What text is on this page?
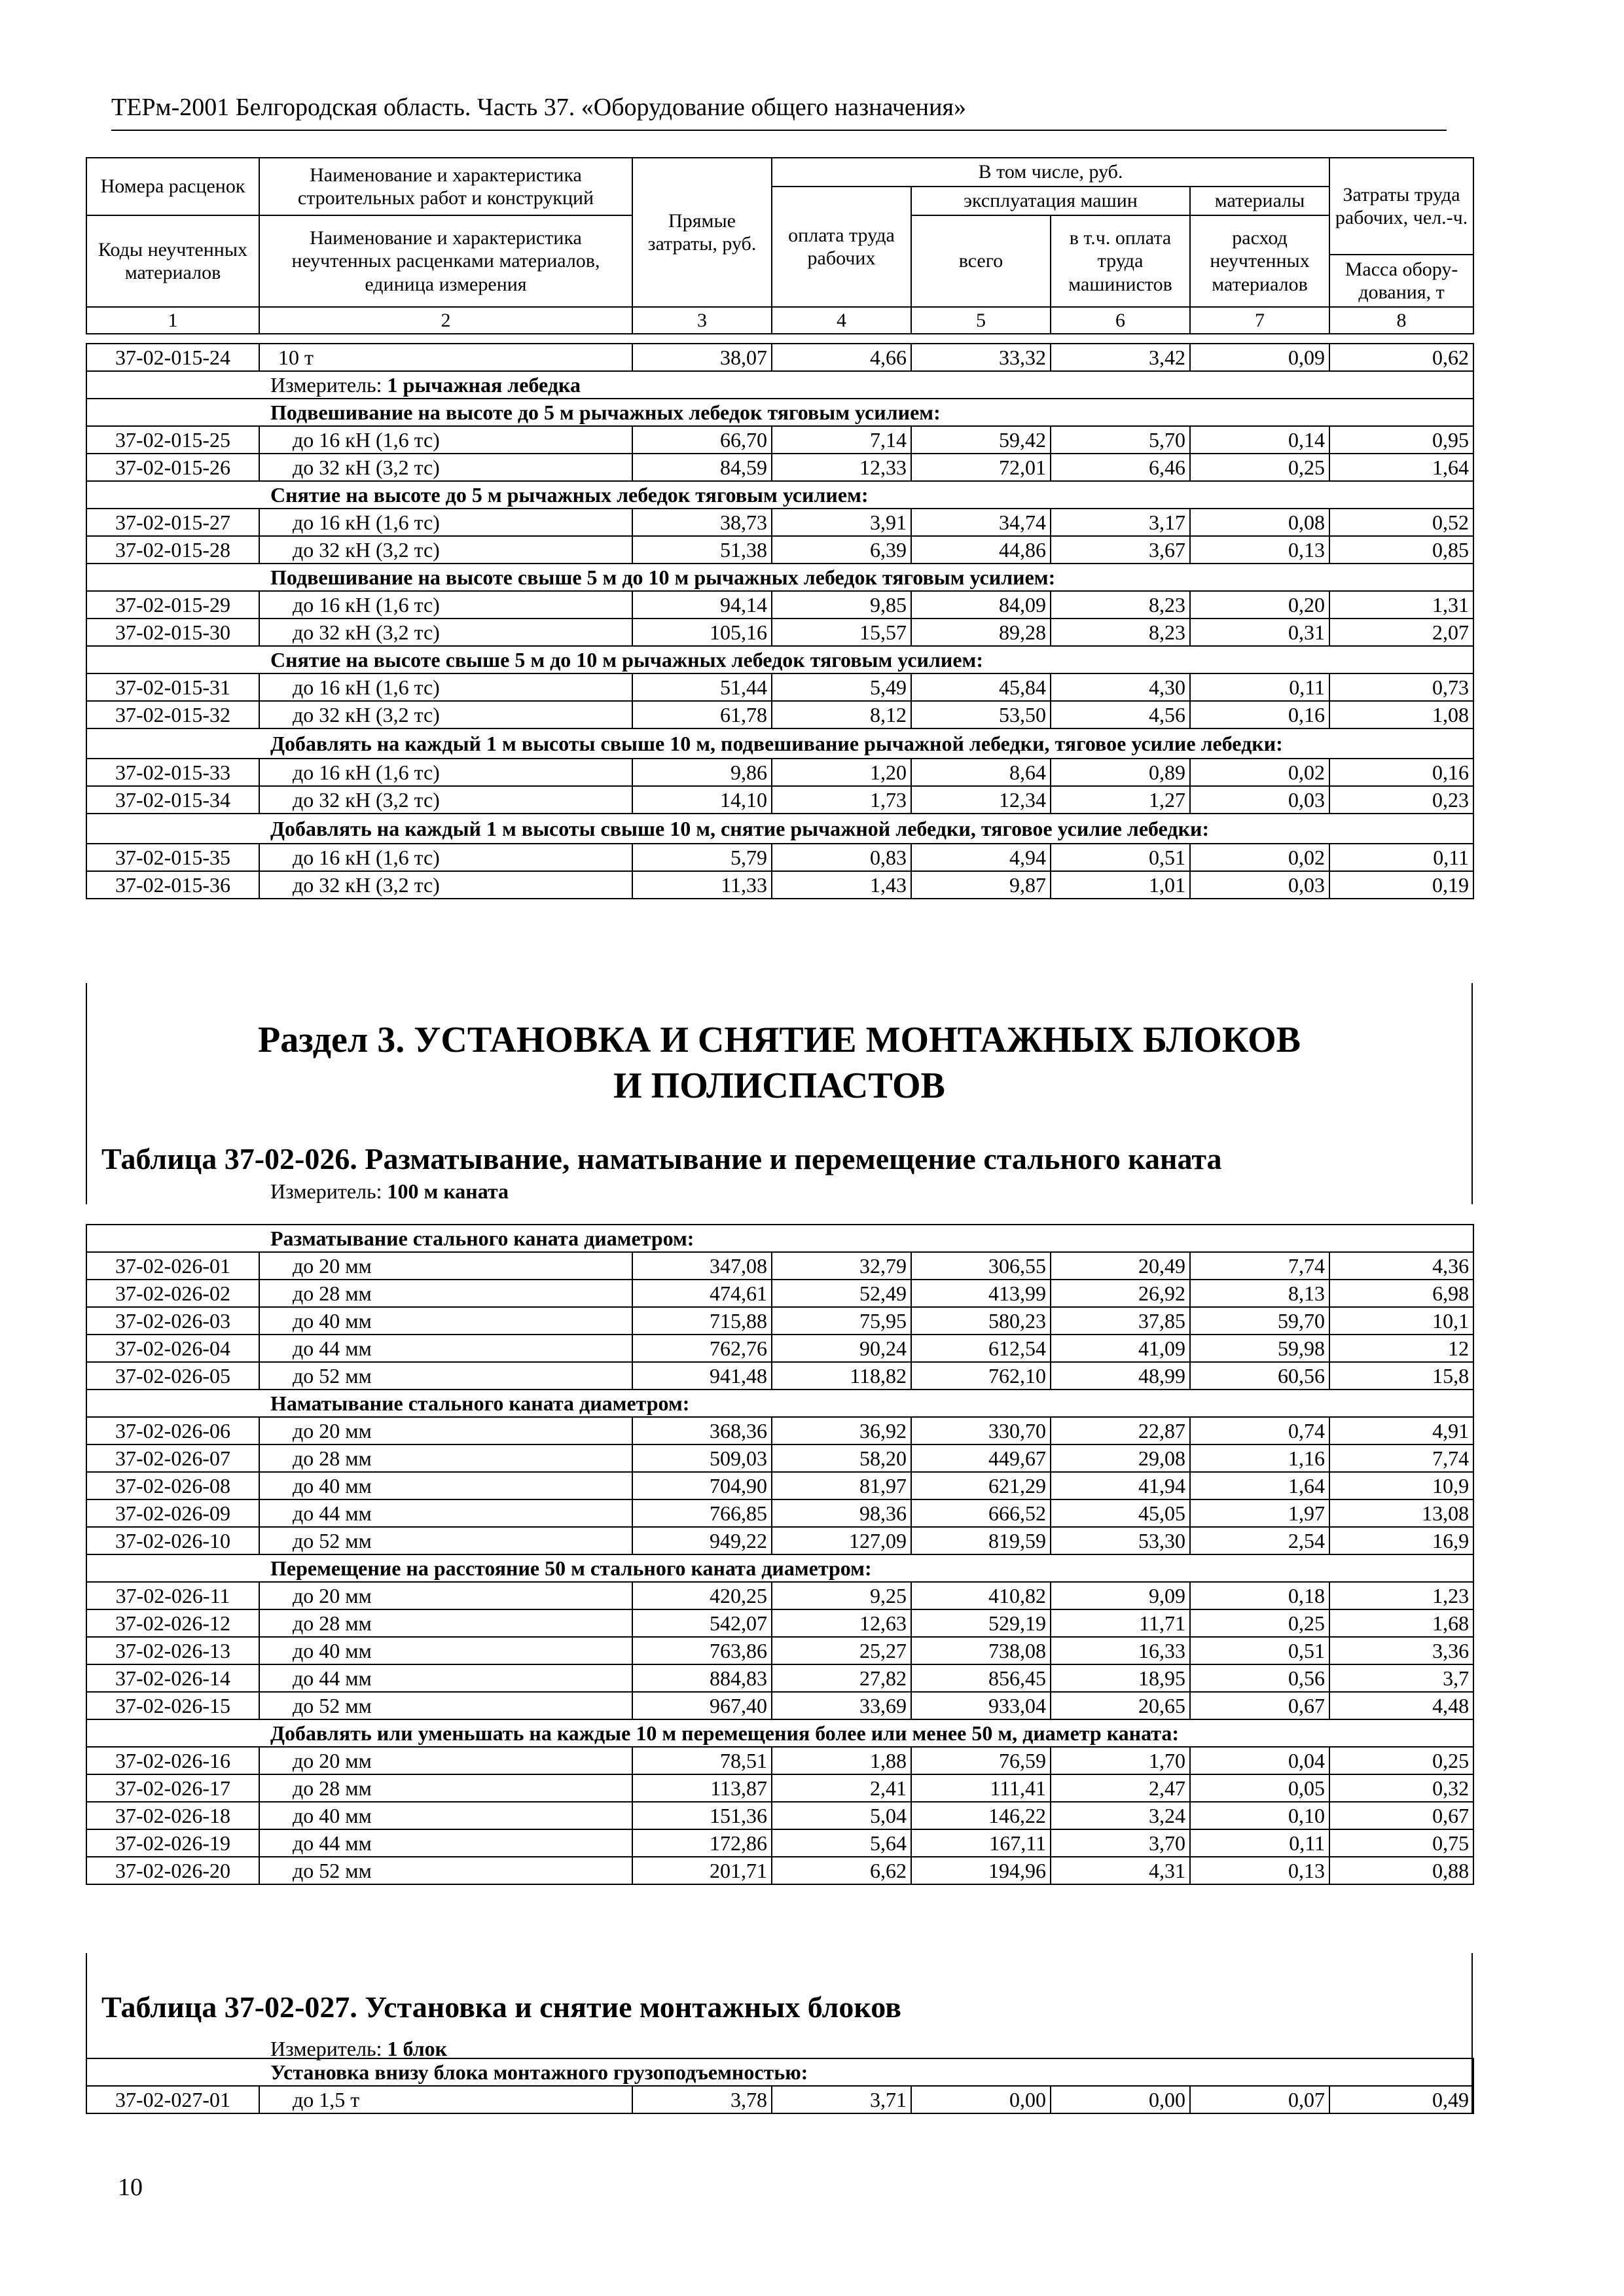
ТЕРм-2001 Белгородская область. Часть 37. «Оборудование общего назначения»
Номера расценок	Наименование и характеристика строительных работ и конструкций	Прямые затраты, руб.	В том числе, руб.				Затраты труда рабочих, чел.-ч.
			оплата труда рабочих	эксплуатация машин		материалы	
Коды неучтенных материалов	Наименование и характеристика неучтенных расценками материалов, единица измерения			всего	в т.ч. оплата труда машинистов	расход неучтенных материалов	
							Масса обору-дования, т
1	2	3	4	5	6	7	8
37-02-015-24	10 т	38,07	4,66	33,32	3,42	0,09	0,62
Измеритель: 1 рычажная лебедка							
Подвешивание на высоте до 5 м рычажных лебедок тяговым усилием:							
37-02-015-25	до 16 кН (1,6 тс)	66,70	7,14	59,42	5,70	0,14	0,95
37-02-015-26	до 32 кН (3,2 тс)	84,59	12,33	72,01	6,46	0,25	1,64
Снятие на высоте до 5 м рычажных лебедок тяговым усилием:							
37-02-015-27	до 16 кН (1,6 тс)	38,73	3,91	34,74	3,17	0,08	0,52
37-02-015-28	до 32 кН (3,2 тс)	51,38	6,39	44,86	3,67	0,13	0,85
Подвешивание на высоте свыше 5 м до 10 м рычажных лебедок тяговым усилием:							
37-02-015-29	до 16 кН (1,6 тс)	94,14	9,85	84,09	8,23	0,20	1,31
37-02-015-30	до 32 кН (3,2 тс)	105,16	15,57	89,28	8,23	0,31	2,07
Снятие на высоте свыше 5 м до 10 м рычажных лебедок тяговым усилием:							
37-02-015-31	до 16 кН (1,6 тс)	51,44	5,49	45,84	4,30	0,11	0,73
37-02-015-32	до 32 кН (3,2 тс)	61,78	8,12	53,50	4,56	0,16	1,08
Добавлять на каждый 1 м высоты свыше 10 м, подвешивание рычажной лебедки, тяговое усилие лебедки:							
37-02-015-33	до 16 кН (1,6 тс)	9,86	1,20	8,64	0,89	0,02	0,16
37-02-015-34	до 32 кН (3,2 тс)	14,10	1,73	12,34	1,27	0,03	0,23
Добавлять на каждый 1 м высоты свыше 10 м, снятие рычажной лебедки, тяговое усилие лебедки:							
37-02-015-35	до 16 кН (1,6 тс)	5,79	0,83	4,94	0,51	0,02	0,11
37-02-015-36	до 32 кН (3,2 тс)	11,33	1,43	9,87	1,01	0,03	0,19
Раздел 3. УСТАНОВКА И СНЯТИЕ МОНТАЖНЫХ БЛОКОВ И ПОЛИСПАСТОВ
Таблица 37-02-026. Разматывание, наматывание и перемещение стального каната
Измеритель: 100 м каната
Разматывание стального каната диаметром:							
37-02-026-01	до 20 мм	347,08	32,79	306,55	20,49	7,74	4,36
37-02-026-02	до 28 мм	474,61	52,49	413,99	26,92	8,13	6,98
37-02-026-03	до 40 мм	715,88	75,95	580,23	37,85	59,70	10,1
37-02-026-04	до 44 мм	762,76	90,24	612,54	41,09	59,98	12
37-02-026-05	до 52 мм	941,48	118,82	762,10	48,99	60,56	15,8
Наматывание стального каната диаметром:							
37-02-026-06	до 20 мм	368,36	36,92	330,70	22,87	0,74	4,91
37-02-026-07	до 28 мм	509,03	58,20	449,67	29,08	1,16	7,74
37-02-026-08	до 40 мм	704,90	81,97	621,29	41,94	1,64	10,9
37-02-026-09	до 44 мм	766,85	98,36	666,52	45,05	1,97	13,08
37-02-026-10	до 52 мм	949,22	127,09	819,59	53,30	2,54	16,9
Перемещение на расстояние 50 м стального каната диаметром:							
37-02-026-11	до 20 мм	420,25	9,25	410,82	9,09	0,18	1,23
37-02-026-12	до 28 мм	542,07	12,63	529,19	11,71	0,25	1,68
37-02-026-13	до 40 мм	763,86	25,27	738,08	16,33	0,51	3,36
37-02-026-14	до 44 мм	884,83	27,82	856,45	18,95	0,56	3,7
37-02-026-15	до 52 мм	967,40	33,69	933,04	20,65	0,67	4,48
Добавлять или уменьшать на каждые 10 м перемещения более или менее 50 м, диаметр каната:							
37-02-026-16	до 20 мм	78,51	1,88	76,59	1,70	0,04	0,25
37-02-026-17	до 28 мм	113,87	2,41	111,41	2,47	0,05	0,32
37-02-026-18	до 40 мм	151,36	5,04	146,22	3,24	0,10	0,67
37-02-026-19	до 44 мм	172,86	5,64	167,11	3,70	0,11	0,75
37-02-026-20	до 52 мм	201,71	6,62	194,96	4,31	0,13	0,88
Таблица 37-02-027. Установка и снятие монтажных блоков
Измеритель: 1 блок
Установка внизу блока монтажного грузоподъемностью:
37-02-027-01	до 1,5 т	3,78	3,71	0,00	0,00	0,07	0,49
10
